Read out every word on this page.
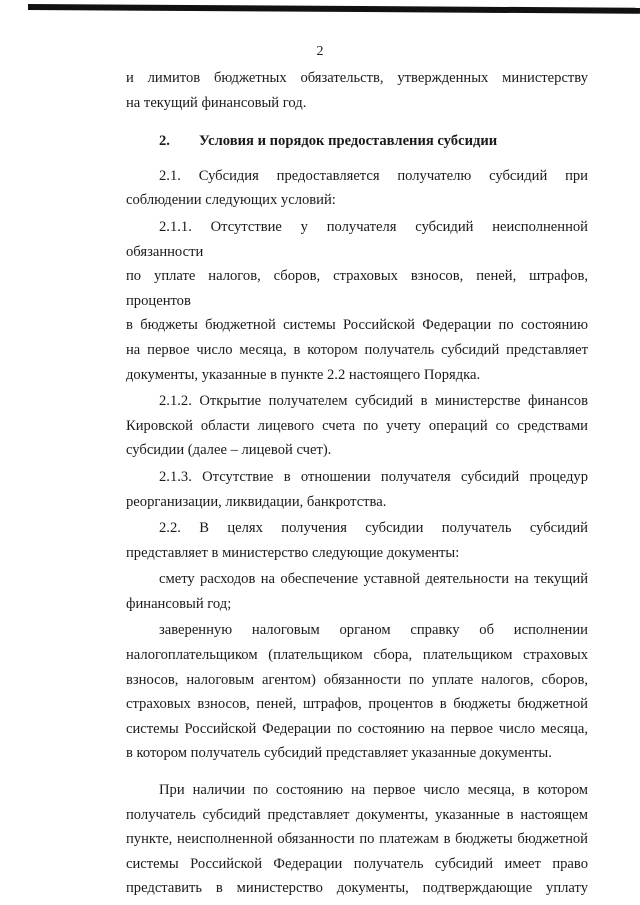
2

и лимитов бюджетных обязательств, утвержденных министерству

на текущий финансовый год.

2. Условия и порядок предоставления субсидии

2.1. Субсидия предоставляется получателю субсидий при

соблюдении следующих условий:

2.1.1. Отсутствие у получателя субсидий неисполненной обязанности

по уплате налогов, сборов, страховых взносов, пеней, штрафов, процентов

в бюджеты бюджетной системы Российской Федерации по состоянию

на первое число месяца, в котором получатель субсидий представляет

документы, указанные в пункте 2.2 настоящего Порядка.

2.1.2. Открытие получателем субсидий в министерстве финансов

Кировской области лицевого счета по учету операций со средствами

субсидии (далее – лицевой счет).

2.1.3. Отсутствие в отношении получателя субсидий процедур

реорганизации, ликвидации, банкротства.

2.2. В целях получения субсидии получатель субсидий

представляет в министерство следующие документы:

смету расходов на обеспечение уставной деятельности на текущий

финансовый год;

заверенную налоговым органом справку об исполнении

налогоплательщиком (плательщиком сбора, плательщиком страховых

взносов, налоговым агентом) обязанности по уплате налогов, сборов,

страховых взносов, пеней, штрафов, процентов в бюджеты бюджетной

системы Российской Федерации по состоянию на первое число месяца,

в котором получатель субсидий представляет указанные документы.

При наличии по состоянию на первое число месяца, в котором

получатель субсидий представляет документы, указанные в настоящем

пункте, неисполненной обязанности по платежам в бюджеты бюджетной

системы Российской Федерации получатель субсидий имеет право

представить в министерство документы, подтверждающие уплату
